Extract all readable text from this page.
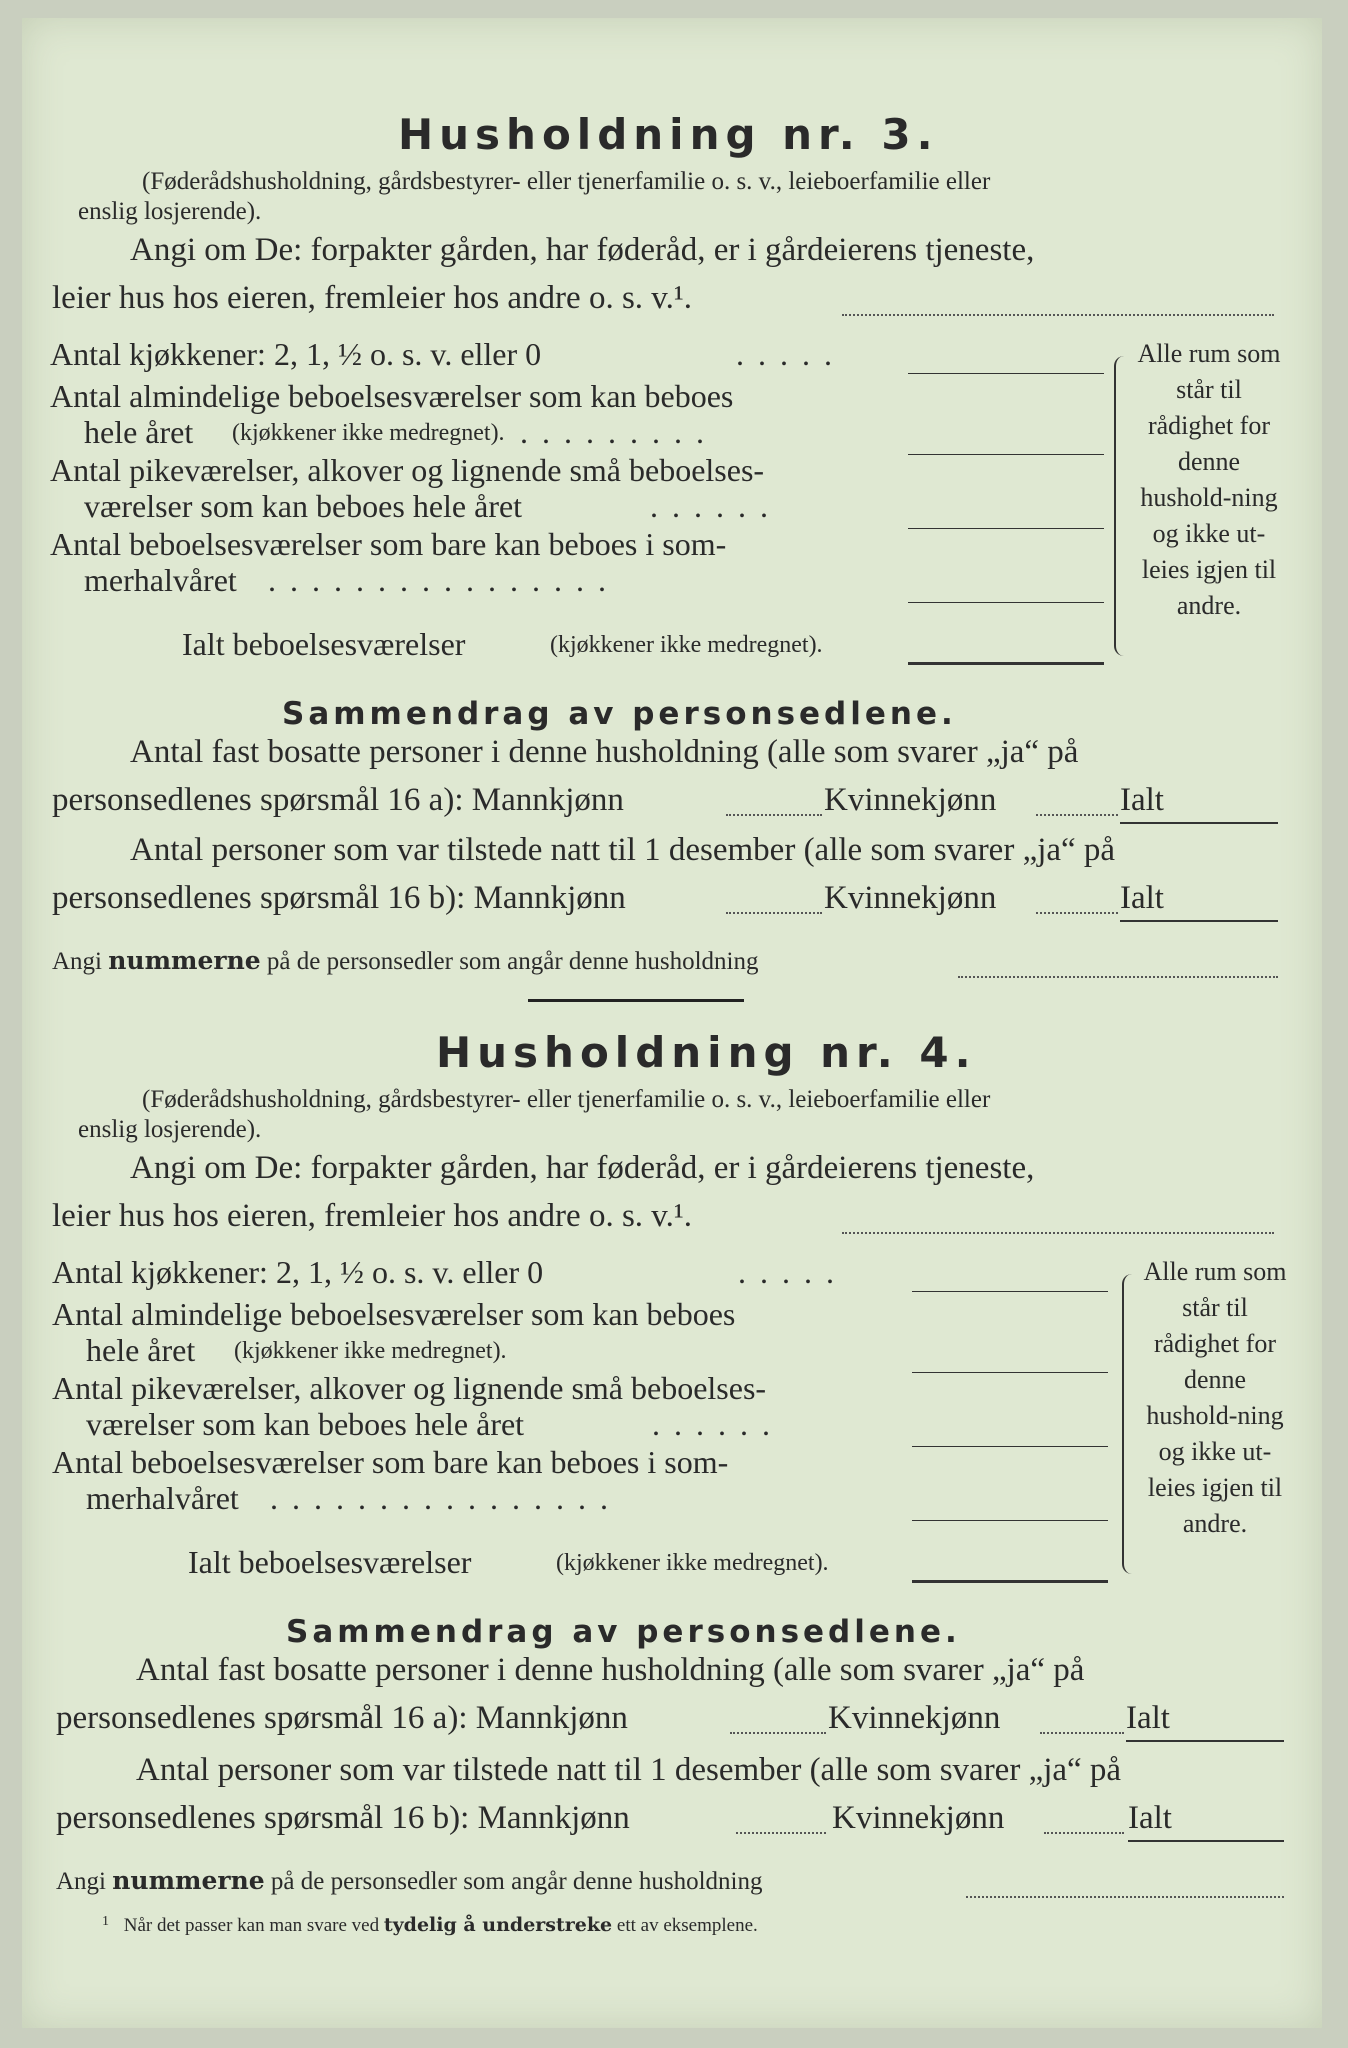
Husholdning nr. 3.
(Føderådshusholdning, gårdsbestyrer- eller tjenerfamilie o. s. v., leieboerfamilie eller
enslig losjerende).
Angi om De: forpakter gården, har føderåd, er i gårdeierens tjeneste,
leier hus hos eieren, fremleier hos andre o. s. v.¹.
Antal kjøkkener: 2, 1, ½ o. s. v. eller 0	.....
Antal almindelige beboelsesværelser som kan beboes
hele året (kjøkkener ikke medregnet). .........
Antal pikeværelser, alkover og lignende små beboelses-
værelser som kan beboes hele året	......
Antal beboelsesværelser som bare kan beboes i som-
merhalvåret ................
Ialt beboelsesværelser	(kjøkkener ikke medregnet).
Alle rum som står til rådighet for denne hushold-ning og ikke ut-leies igjen til andre.
Sammendrag av personsedlene.
Antal fast bosatte personer i denne husholdning (alle som svarer „ja“ på
personsedlenes spørsmål 16 a): Mannkjønn	Kvinnekjønn	Ialt
Antal personer som var tilstede natt til 1 desember (alle som svarer „ja“ på
personsedlenes spørsmål 16 b): Mannkjønn	Kvinnekjønn	Ialt
Angi nummerne på de personsedler som angår denne husholdning
Husholdning nr. 4.
(Føderådshusholdning, gårdsbestyrer- eller tjenerfamilie o. s. v., leieboerfamilie eller
enslig losjerende).
Angi om De: forpakter gården, har føderåd, er i gårdeierens tjeneste,
leier hus hos eieren, fremleier hos andre o. s. v.¹.
Antal kjøkkener: 2, 1, ½ o. s. v. eller 0	.....
Antal almindelige beboelsesværelser som kan beboes
hele året (kjøkkener ikke medregnet).
Antal pikeværelser, alkover og lignende små beboelses-
værelser som kan beboes hele året	......
Antal beboelsesværelser som bare kan beboes i som-
merhalvåret ................
Ialt beboelsesværelser	(kjøkkener ikke medregnet).
Alle rum som står til rådighet for denne hushold-ning og ikke ut-leies igjen til andre.
Sammendrag av personsedlene.
Antal fast bosatte personer i denne husholdning (alle som svarer „ja“ på
personsedlenes spørsmål 16 a): Mannkjønn	Kvinnekjønn	Ialt
Antal personer som var tilstede natt til 1 desember (alle som svarer „ja“ på
personsedlenes spørsmål 16 b): Mannkjønn	Kvinnekjønn	Ialt
Angi nummerne på de personsedler som angår denne husholdning
$^1$ Når det passer kan man svare ved tydelig å understreke ett av eksemplene.
